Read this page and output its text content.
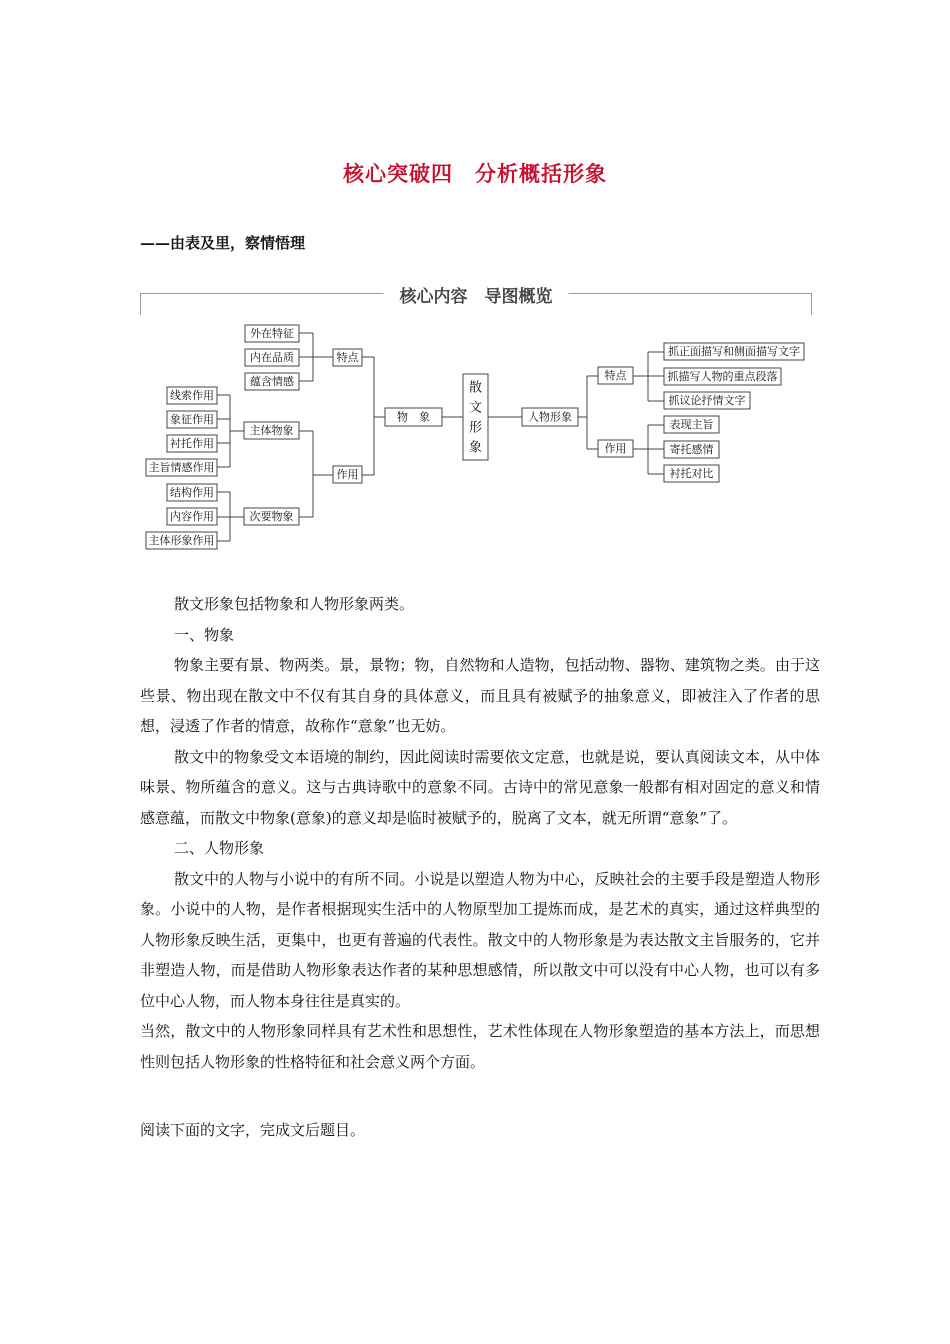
核心突破四　分析概括形象
——由表及里，察情悟理
核心内容　导图概览
外在特征
内在品质
蕴含情感
特点
线索作用
象征作用
衬托作用
主旨情感作用
主体物象
结构作用
内容作用
主体形象作用
次要物象
作用
物　象
散
文
形
象
人物形象
特点
抓正面描写和侧面描写文字
抓描写人物的重点段落
抓议论抒情文字
作用
表现主旨
寄托感情
衬托对比

散文形象包括物象和人物形象两类。

一、物象

物象主要有景、物两类。景，景物；物，自然物和人造物，包括动物、器物、建筑物之类。由于这些景、物出现在散文中不仅有其自身的具体意义，而且具有被赋予的抽象意义，即被注入了作者的思想，浸透了作者的情意，故称作“意象”也无妨。

散文中的物象受文本语境的制约，因此阅读时需要依文定意，也就是说，要认真阅读文本，从中体味景、物所蕴含的意义。这与古典诗歌中的意象不同。古诗中的常见意象一般都有相对固定的意义和情感意蕴，而散文中物象(意象)的意义却是临时被赋予的，脱离了文本，就无所谓“意象”了。

二、人物形象

散文中的人物与小说中的有所不同。小说是以塑造人物为中心，反映社会的主要手段是塑造人物形象。小说中的人物，是作者根据现实生活中的人物原型加工提炼而成，是艺术的真实，通过这样典型的人物形象反映生活，更集中，也更有普遍的代表性。散文中的人物形象是为表达散文主旨服务的，它并非塑造人物，而是借助人物形象表达作者的某种思想感情，所以散文中可以没有中心人物，也可以有多位中心人物，而人物本身往往是真实的。

当然，散文中的人物形象同样具有艺术性和思想性，艺术性体现在人物形象塑造的基本方法上，而思想性则包括人物形象的性格特征和社会意义两个方面。

阅读下面的文字，完成文后题目。
